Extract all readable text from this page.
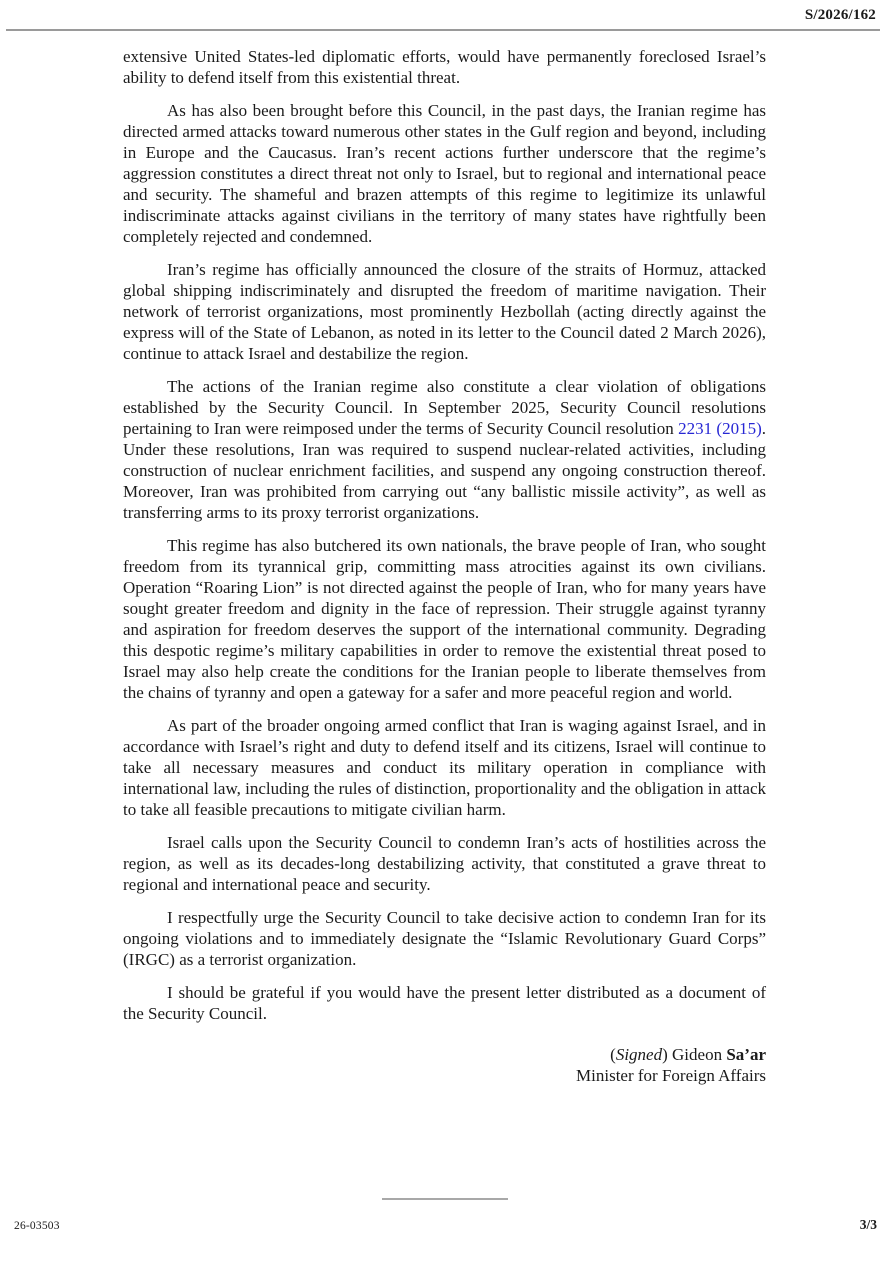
S/2026/162

extensive United States-led diplomatic efforts, would have permanently foreclosed Israel’s ability to defend itself from this existential threat.

As has also been brought before this Council, in the past days, the Iranian regime has directed armed attacks toward numerous other states in the Gulf region and beyond, including in Europe and the Caucasus. Iran’s recent actions further underscore that the regime’s aggression constitutes a direct threat not only to Israel, but to regional and international peace and security. The shameful and brazen attempts of this regime to legitimize its unlawful indiscriminate attacks against civilians in the territory of many states have rightfully been completely rejected and condemned.

Iran’s regime has officially announced the closure of the straits of Hormuz, attacked global shipping indiscriminately and disrupted the freedom of maritime navigation. Their network of terrorist organizations, most prominently Hezbollah (acting directly against the express will of the State of Lebanon, as noted in its letter to the Council dated 2 March 2026), continue to attack Israel and destabilize the region.

The actions of the Iranian regime also constitute a clear violation of obligations established by the Security Council. In September 2025, Security Council resolutions pertaining to Iran were reimposed under the terms of Security Council resolution 2231 (2015). Under these resolutions, Iran was required to suspend nuclear-related activities, including construction of nuclear enrichment facilities, and suspend any ongoing construction thereof. Moreover, Iran was prohibited from carrying out “any ballistic missile activity”, as well as transferring arms to its proxy terrorist organizations.

This regime has also butchered its own nationals, the brave people of Iran, who sought freedom from its tyrannical grip, committing mass atrocities against its own civilians. Operation “Roaring Lion” is not directed against the people of Iran, who for many years have sought greater freedom and dignity in the face of repression. Their struggle against tyranny and aspiration for freedom deserves the support of the international community. Degrading this despotic regime’s military capabilities in order to remove the existential threat posed to Israel may also help create the conditions for the Iranian people to liberate themselves from the chains of tyranny and open a gateway for a safer and more peaceful region and world.

As part of the broader ongoing armed conflict that Iran is waging against Israel, and in accordance with Israel’s right and duty to defend itself and its citizens, Israel will continue to take all necessary measures and conduct its military operation in compliance with international law, including the rules of distinction, proportionality and the obligation in attack to take all feasible precautions to mitigate civilian harm.

Israel calls upon the Security Council to condemn Iran’s acts of hostilities across the region, as well as its decades-long destabilizing activity, that constituted a grave threat to regional and international peace and security.

I respectfully urge the Security Council to take decisive action to condemn Iran for its ongoing violations and to immediately designate the “Islamic Revolutionary Guard Corps” (IRGC) as a terrorist organization.

I should be grateful if you would have the present letter distributed as a document of the Security Council.

(Signed) Gideon Sa’ar

Minister for Foreign Affairs

26-03503	3/3
